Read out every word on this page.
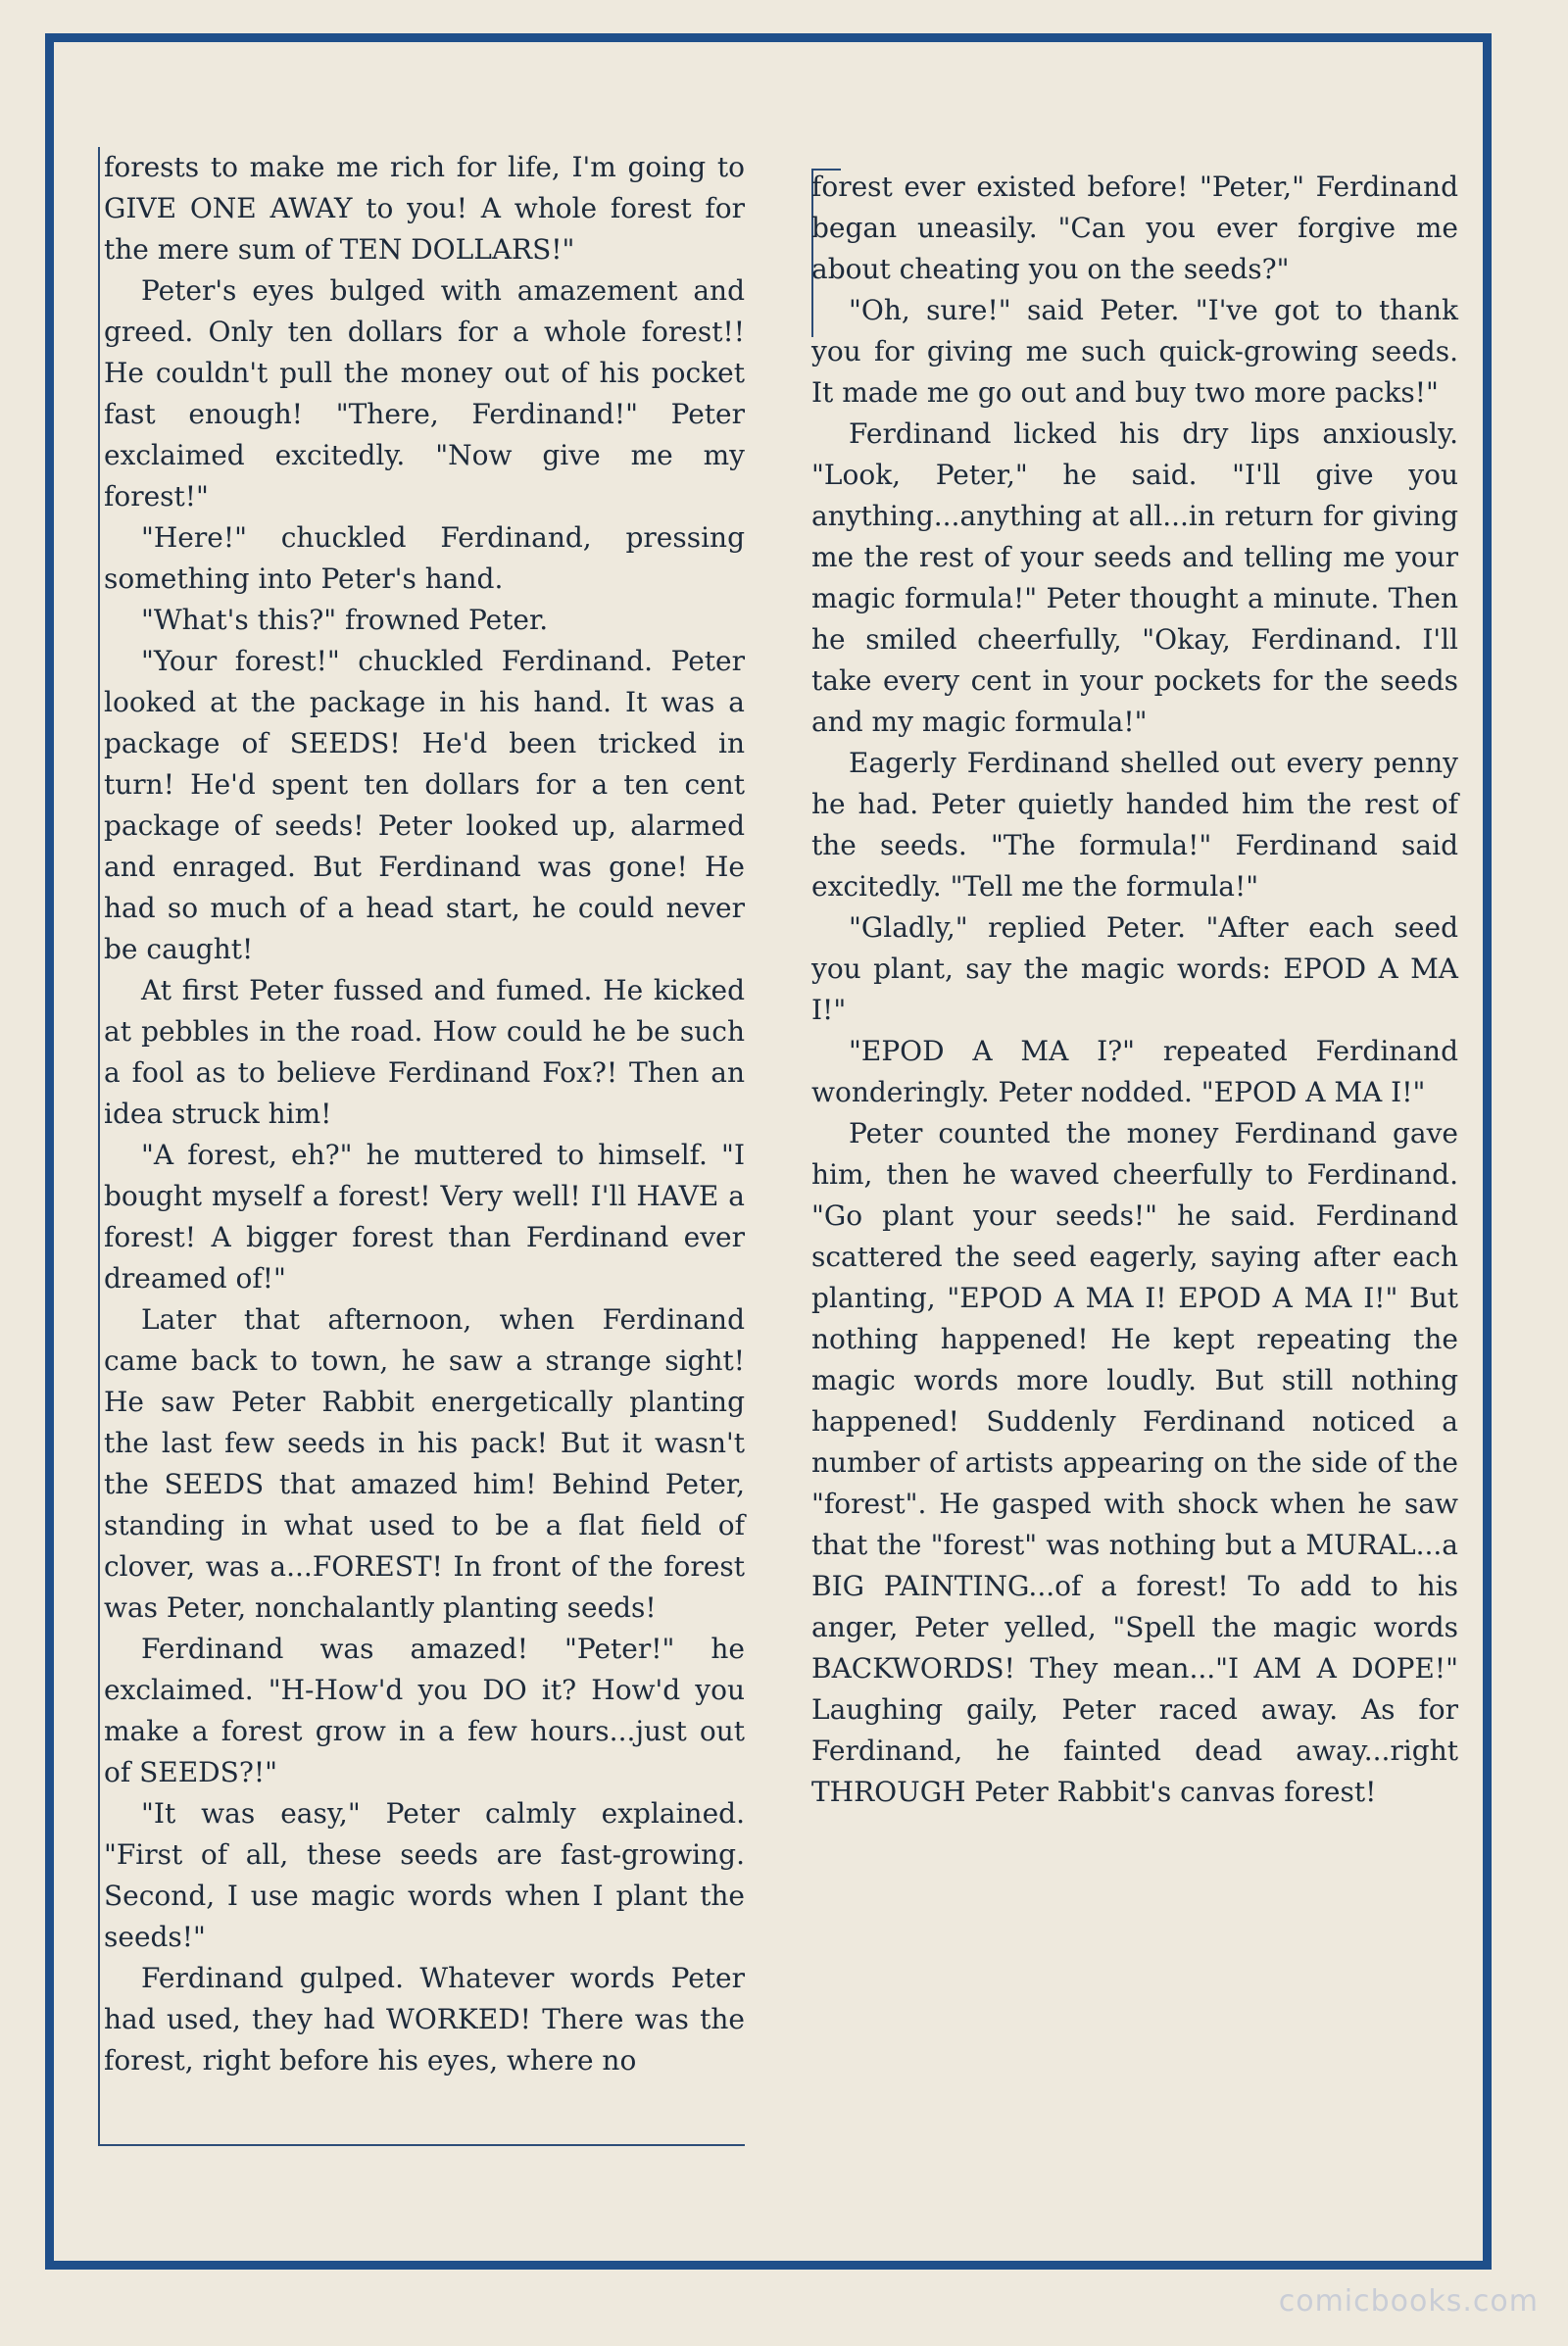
forests to make me rich for life, I'm going to GIVE ONE AWAY to you! A whole forest for the mere sum of TEN DOLLARS!"

Peter's eyes bulged with amazement and greed. Only ten dollars for a whole forest!! He couldn't pull the money out of his pocket fast enough! "There, Ferdinand!" Peter exclaimed excitedly. "Now give me my forest!"

"Here!" chuckled Ferdinand, pressing something into Peter's hand.

"What's this?" frowned Peter.

"Your forest!" chuckled Ferdinand. Peter looked at the package in his hand. It was a package of SEEDS! He'd been tricked in turn! He'd spent ten dollars for a ten cent package of seeds! Peter looked up, alarmed and enraged. But Ferdinand was gone! He had so much of a head start, he could never be caught!

At first Peter fussed and fumed. He kicked at pebbles in the road. How could he be such a fool as to believe Ferdinand Fox?! Then an idea struck him!

"A forest, eh?" he muttered to himself. "I bought myself a forest! Very well! I'll HAVE a forest! A bigger forest than Ferdinand ever dreamed of!"

Later that afternoon, when Ferdinand came back to town, he saw a strange sight! He saw Peter Rabbit energetically planting the last few seeds in his pack! But it wasn't the SEEDS that amazed him! Behind Peter, standing in what used to be a flat field of clover, was a...FOREST! In front of the forest was Peter, nonchalantly planting seeds!

Ferdinand was amazed! "Peter!" he exclaimed. "H-How'd you DO it? How'd you make a forest grow in a few hours...just out of SEEDS?!"

"It was easy," Peter calmly explained. "First of all, these seeds are fast-growing. Second, I use magic words when I plant the seeds!"

Ferdinand gulped. Whatever words Peter had used, they had WORKED! There was the forest, right before his eyes, where no

forest ever existed before! "Peter," Ferdinand began uneasily. "Can you ever forgive me about cheating you on the seeds?"

"Oh, sure!" said Peter. "I've got to thank you for giving me such quick-growing seeds. It made me go out and buy two more packs!"

Ferdinand licked his dry lips anxiously. "Look, Peter," he said. "I'll give you anything...anything at all...in return for giving me the rest of your seeds and telling me your magic formula!" Peter thought a minute. Then he smiled cheerfully, "Okay, Ferdinand. I'll take every cent in your pockets for the seeds and my magic formula!"

Eagerly Ferdinand shelled out every penny he had. Peter quietly handed him the rest of the seeds. "The formula!" Ferdinand said excitedly. "Tell me the formula!"

"Gladly," replied Peter. "After each seed you plant, say the magic words: EPOD A MA I!"

"EPOD A MA I?" repeated Ferdinand wonderingly. Peter nodded. "EPOD A MA I!"

Peter counted the money Ferdinand gave him, then he waved cheerfully to Ferdinand. "Go plant your seeds!" he said. Ferdinand scattered the seed eagerly, saying after each planting, "EPOD A MA I! EPOD A MA I!" But nothing happened! He kept repeating the magic words more loudly. But still nothing happened! Suddenly Ferdinand noticed a number of artists appearing on the side of the "forest". He gasped with shock when he saw that the "forest" was nothing but a MURAL...a BIG PAINTING...of a forest! To add to his anger, Peter yelled, "Spell the magic words BACKWORDS! They mean..."I AM A DOPE!" Laughing gaily, Peter raced away. As for Ferdinand, he fainted dead away...right THROUGH Peter Rabbit's canvas forest!

comicbooks.com
